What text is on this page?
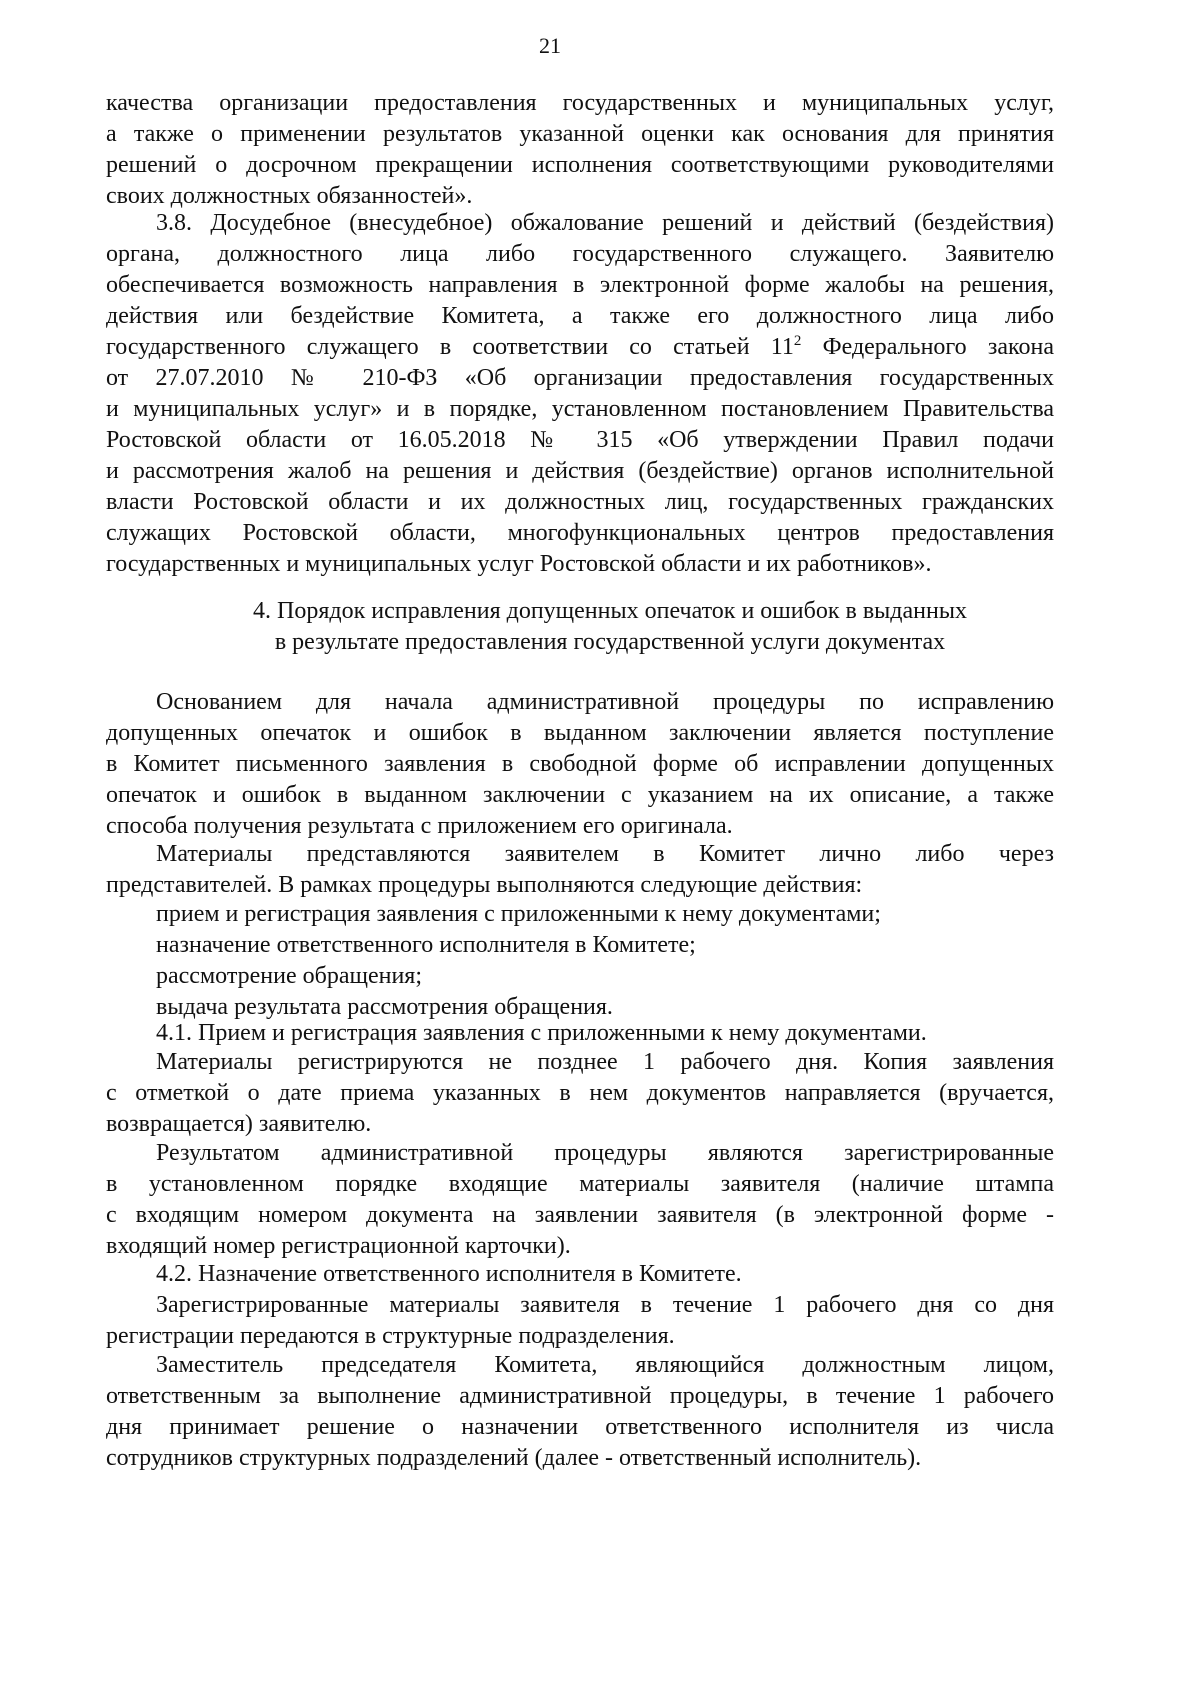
21
качества организации предоставления государственных и муниципальных услуг,
а также о применении результатов указанной оценки как основания для принятия
решений о досрочном прекращении исполнения соответствующими руководителями
своих должностных обязанностей».
3.8. Досудебное (внесудебное) обжалование решений и действий (бездействия)
органа, должностного лица либо государственного служащего. Заявителю
обеспечивается возможность направления в электронной форме жалобы на решения,
действия или бездействие Комитета, а также его должностного лица либо
государственного служащего в соответствии со статьей $11^2$ Федерального закона
от 27.07.2010 № 210-ФЗ «Об организации предоставления государственных
и муниципальных услуг» и в порядке, установленном постановлением Правительства
Ростовской области от 16.05.2018 № 315 «Об утверждении Правил подачи
и рассмотрения жалоб на решения и действия (бездействие) органов исполнительной
власти Ростовской области и их должностных лиц, государственных гражданских
служащих Ростовской области, многофункциональных центров предоставления
государственных и муниципальных услуг Ростовской области и их работников».
4. Порядок исправления допущенных опечаток и ошибок в выданных
в результате предоставления государственной услуги документах
Основанием для начала административной процедуры по исправлению
допущенных опечаток и ошибок в выданном заключении является поступление
в Комитет письменного заявления в свободной форме об исправлении допущенных
опечаток и ошибок в выданном заключении с указанием на их описание, а также
способа получения результата с приложением его оригинала.
Материалы представляются заявителем в Комитет лично либо через
представителей. В рамках процедуры выполняются следующие действия:
прием и регистрация заявления с приложенными к нему документами;
назначение ответственного исполнителя в Комитете;
рассмотрение обращения;
выдача результата рассмотрения обращения.
4.1. Прием и регистрация заявления с приложенными к нему документами.
Материалы регистрируются не позднее 1 рабочего дня. Копия заявления
с отметкой о дате приема указанных в нем документов направляется (вручается,
возвращается) заявителю.
Результатом административной процедуры являются зарегистрированные
в установленном порядке входящие материалы заявителя (наличие штампа
с входящим номером документа на заявлении заявителя (в электронной форме -
входящий номер регистрационной карточки).
4.2. Назначение ответственного исполнителя в Комитете.
Зарегистрированные материалы заявителя в течение 1 рабочего дня со дня
регистрации передаются в структурные подразделения.
Заместитель председателя Комитета, являющийся должностным лицом,
ответственным за выполнение административной процедуры, в течение 1 рабочего
дня принимает решение о назначении ответственного исполнителя из числа
сотрудников структурных подразделений (далее - ответственный исполнитель).
